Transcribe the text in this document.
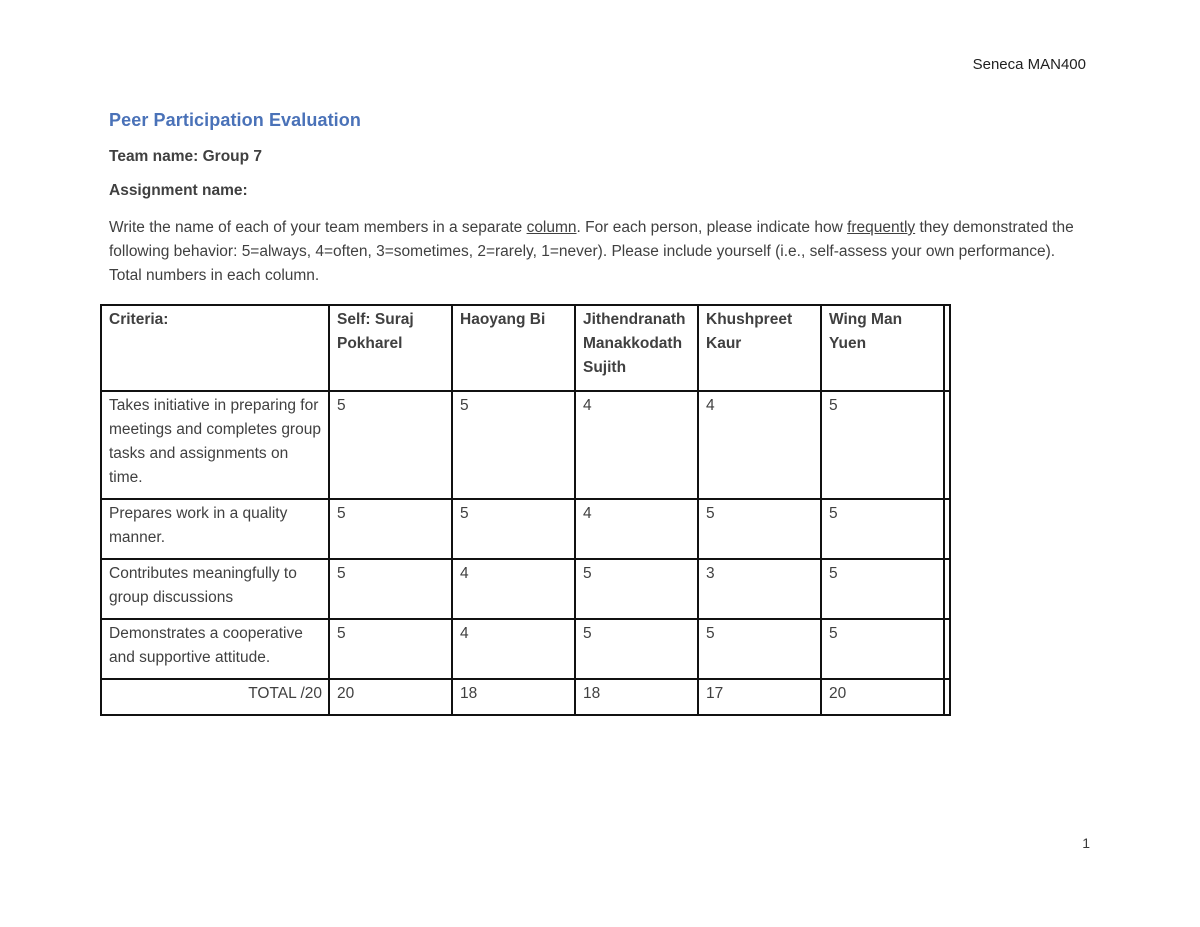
Seneca MAN400
Peer Participation Evaluation

Team name: Group 7

Assignment name:

Write the name of each of your team members in a separate column. For each person, please indicate how frequently they demonstrated the following behavior: 5=always, 4=often, 3=sometimes, 2=rarely, 1=never). Please include yourself (i.e., self-assess your own performance). Total numbers in each column.

Criteria:	Self: Suraj Pokharel	Haoyang Bi	Jithendranath Manakkodath Sujith	Khushpreet Kaur	Wing Man Yuen	
Takes initiative in preparing for meetings and completes group tasks and assignments on time.	5	5	4	4	5	
Prepares work in a quality manner.	5	5	4	5	5	
Contributes meaningfully to group discussions	5	4	5	3	5	
Demonstrates a cooperative and supportive attitude.	5	4	5	5	5	
TOTAL /20	20	18	18	17	20	
1
